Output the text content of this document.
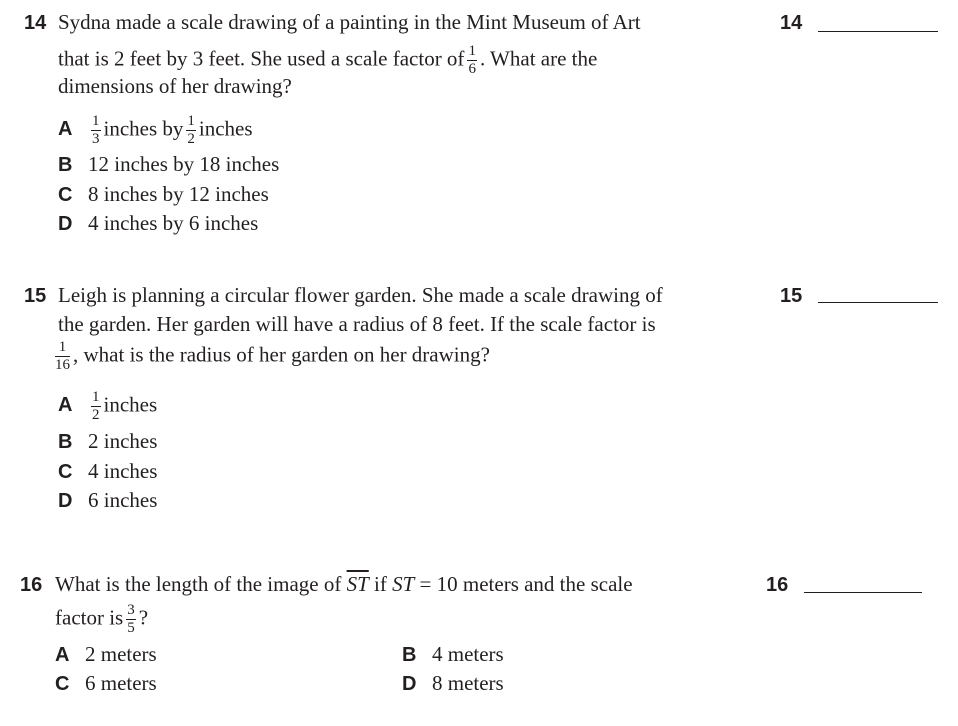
14 Sydna made a scale drawing of a painting in the Mint Museum of Art
that is 2 feet by 3 feet. She used a scale factor of $\frac{1}{6}$ . What are the
dimensions of her drawing?
14
A $\frac{1}{3}$ inches by $\frac{1}{2}$ inches
B 12 inches by 18 inches
C 8 inches by 12 inches
D 4 inches by 6 inches
15 Leigh is planning a circular flower garden. She made a scale drawing of
the garden. Her garden will have a radius of 8 feet. If the scale factor is
$\frac{1}{16}$ , what is the radius of her garden on her drawing?
15
A $\frac{1}{2}$ inches
B 2 inches
C 4 inches
D 6 inches
16 What is the length of the image of $\overline{ST}$ if ST = 10 meters and the scale
factor is $\frac{3}{5}$ ?
16
A 2 meters	B 4 meters
C 6 meters	D 8 meters
